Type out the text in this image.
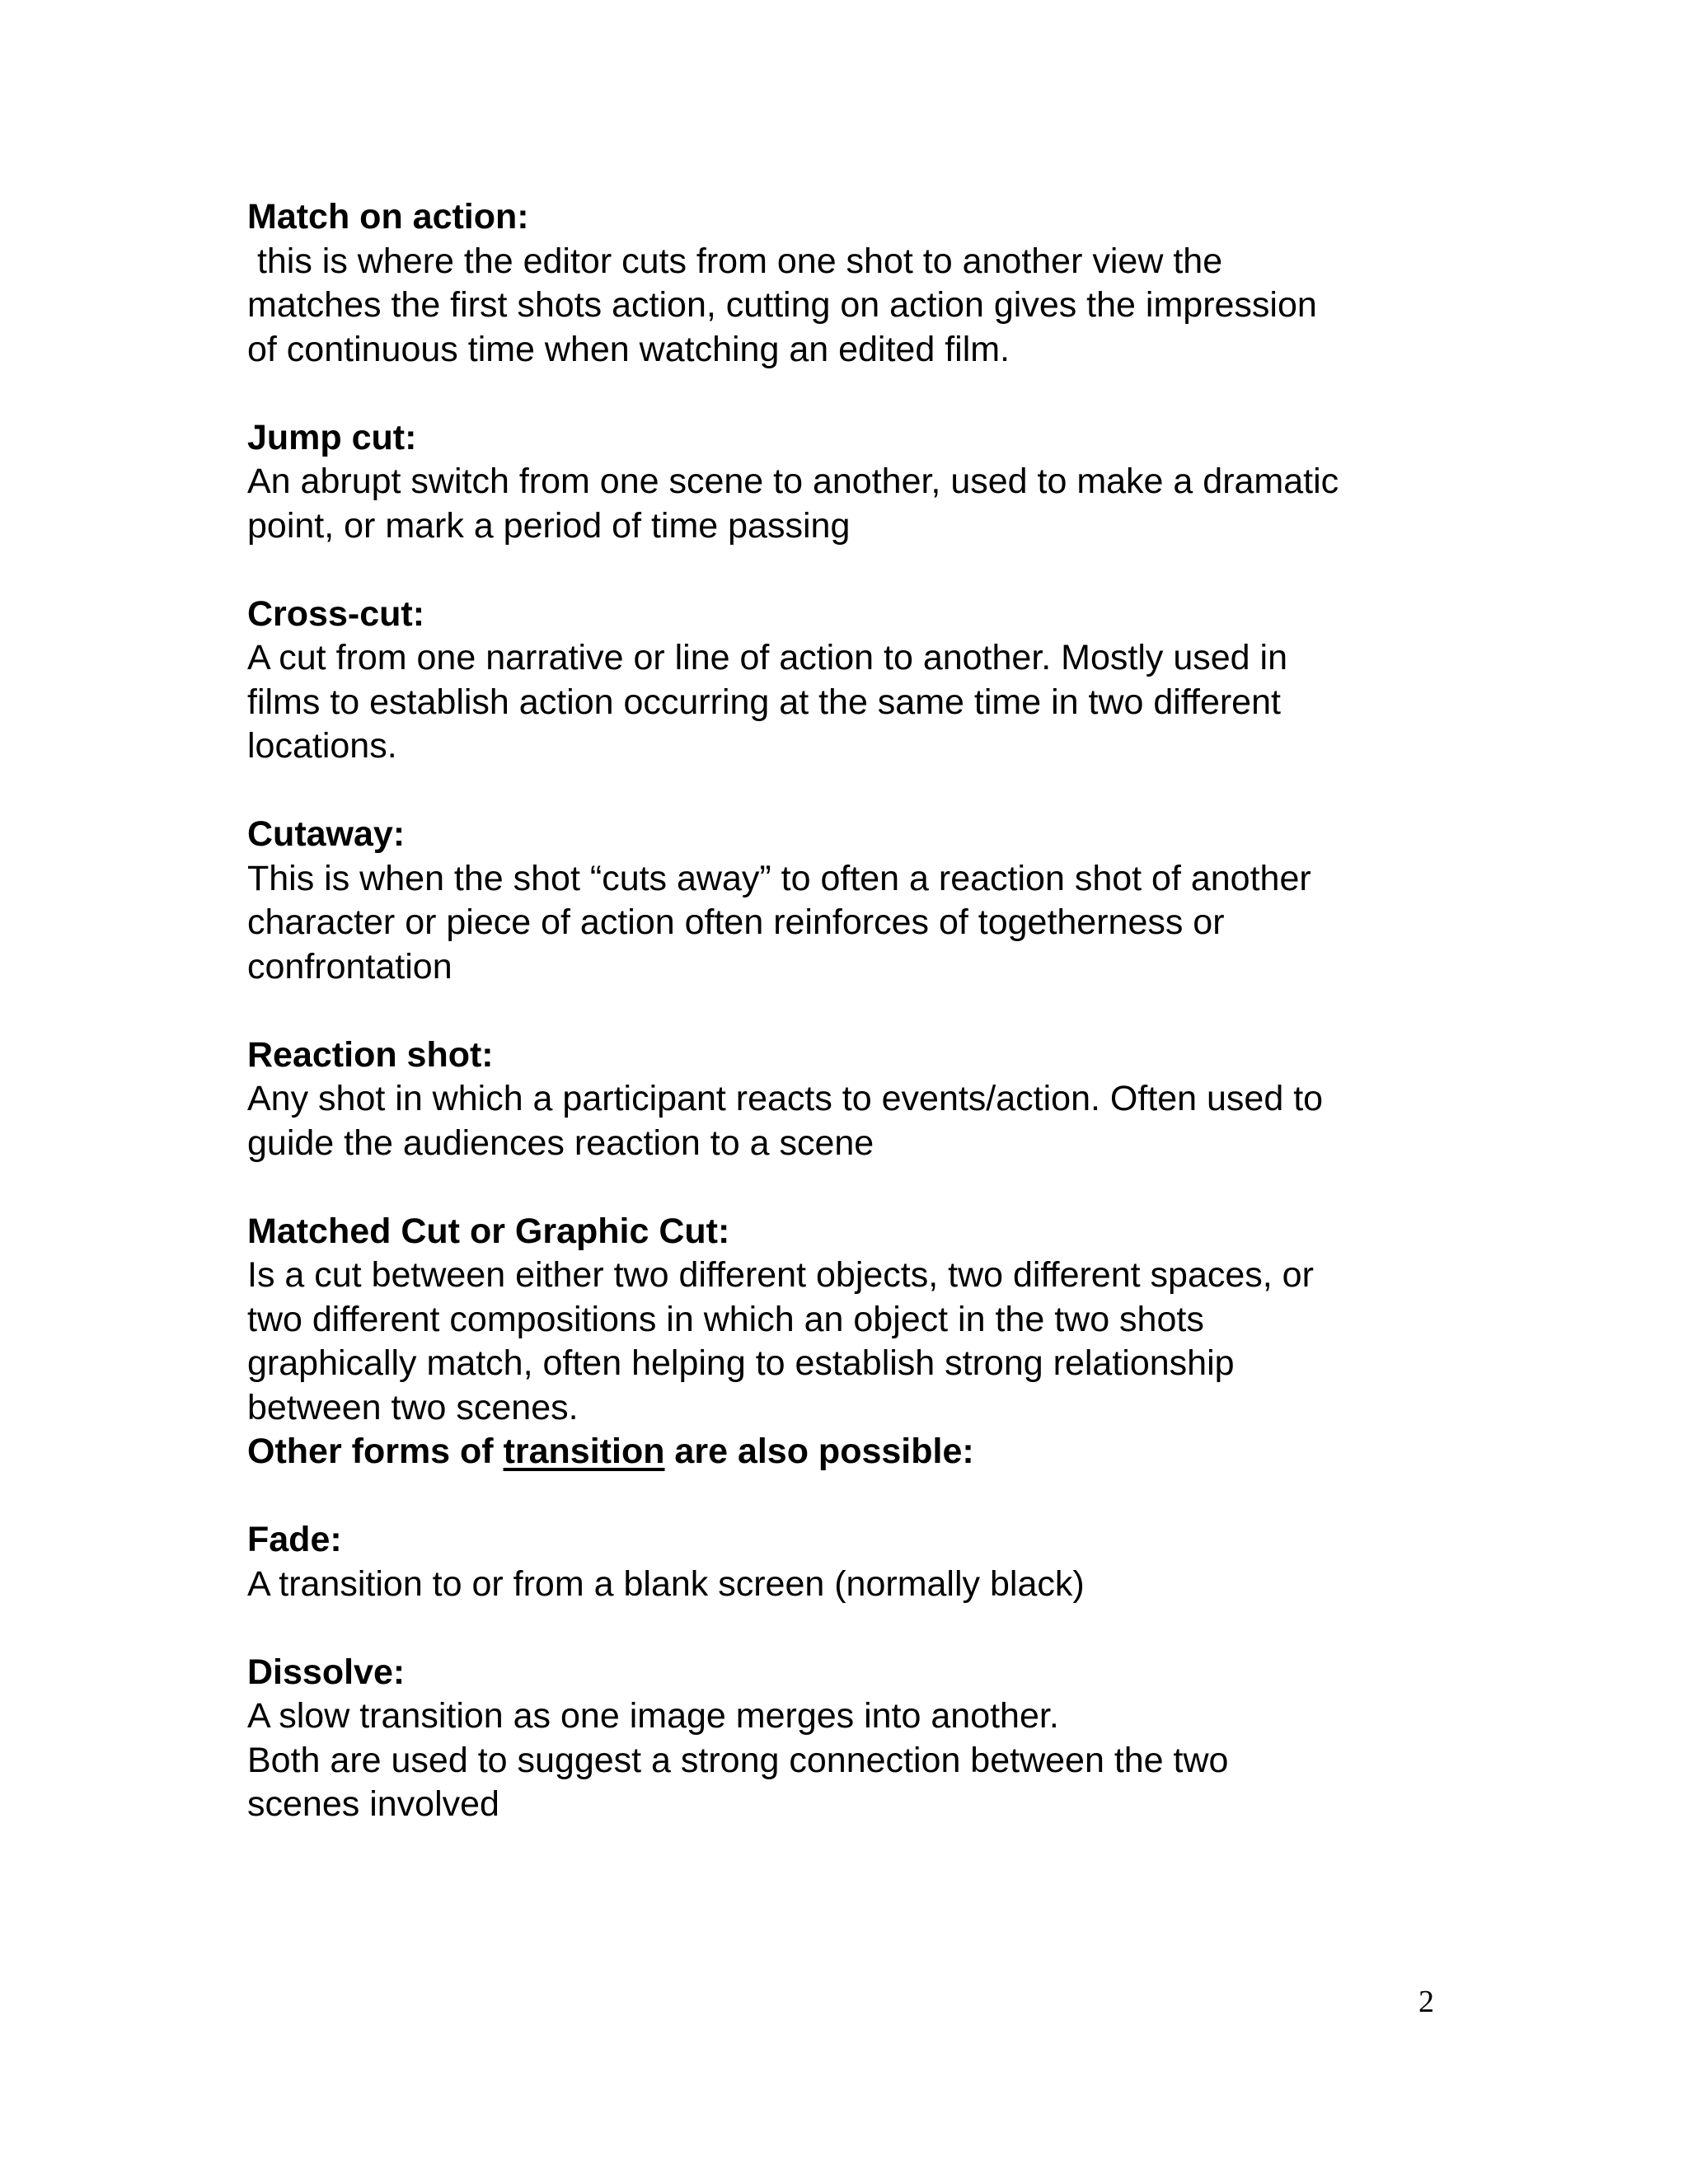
Match on action:
this is where the editor cuts from one shot to another view the
matches the first shots action, cutting on action gives the impression
of continuous time when watching an edited film.
Jump cut:
An abrupt switch from one scene to another, used to make a dramatic
point, or mark a period of time passing
Cross-cut:
A cut from one narrative or line of action to another. Mostly used in
films to establish action occurring at the same time in two different
locations.
Cutaway:
This is when the shot “cuts away” to often a reaction shot of another
character or piece of action often reinforces of togetherness or
confrontation
Reaction shot:
Any shot in which a participant reacts to events/action. Often used to
guide the audiences reaction to a scene
Matched Cut or Graphic Cut:
Is a cut between either two different objects, two different spaces, or
two different compositions in which an object in the two shots
graphically match, often helping to establish strong relationship
between two scenes.
Other forms of transition are also possible:
Fade:
A transition to or from a blank screen (normally black)
Dissolve:
A slow transition as one image merges into another.
Both are used to suggest a strong connection between the two
scenes involved
2
